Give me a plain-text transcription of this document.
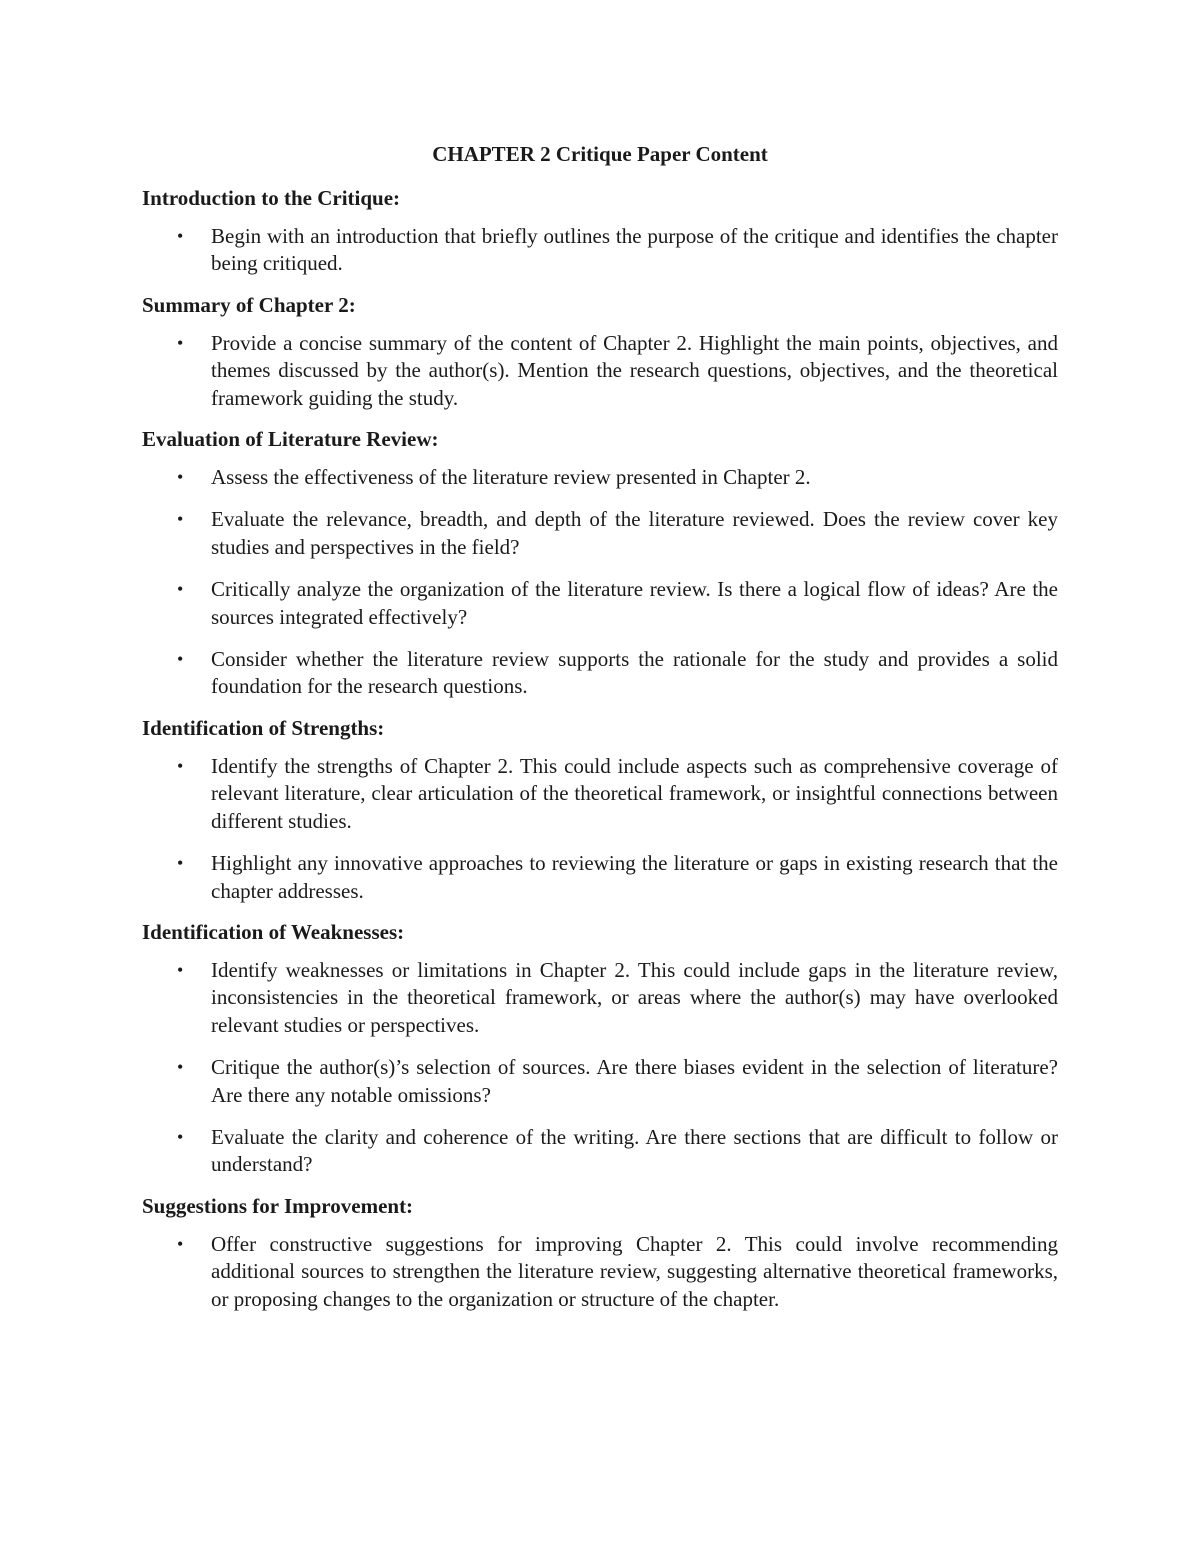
CHAPTER 2 Critique Paper Content
Introduction to the Critique:
• Begin with an introduction that briefly outlines the purpose of the critique and identifies the chapter being critiqued.
Summary of Chapter 2:
• Provide a concise summary of the content of Chapter 2. Highlight the main points, objectives, and themes discussed by the author(s). Mention the research questions, objectives, and the theoretical framework guiding the study.
Evaluation of Literature Review:
• Assess the effectiveness of the literature review presented in Chapter 2.
• Evaluate the relevance, breadth, and depth of the literature reviewed. Does the review cover key studies and perspectives in the field?
• Critically analyze the organization of the literature review. Is there a logical flow of ideas? Are the sources integrated effectively?
• Consider whether the literature review supports the rationale for the study and provides a solid foundation for the research questions.
Identification of Strengths:
• Identify the strengths of Chapter 2. This could include aspects such as comprehensive coverage of relevant literature, clear articulation of the theoretical framework, or insightful connections between different studies.
• Highlight any innovative approaches to reviewing the literature or gaps in existing research that the chapter addresses.
Identification of Weaknesses:
• Identify weaknesses or limitations in Chapter 2. This could include gaps in the literature review, inconsistencies in the theoretical framework, or areas where the author(s) may have overlooked relevant studies or perspectives.
• Critique the author(s)’s selection of sources. Are there biases evident in the selection of literature? Are there any notable omissions?
• Evaluate the clarity and coherence of the writing. Are there sections that are difficult to follow or understand?
Suggestions for Improvement:
• Offer constructive suggestions for improving Chapter 2. This could involve recommending additional sources to strengthen the literature review, suggesting alternative theoretical frameworks, or proposing changes to the organization or structure of the chapter.
